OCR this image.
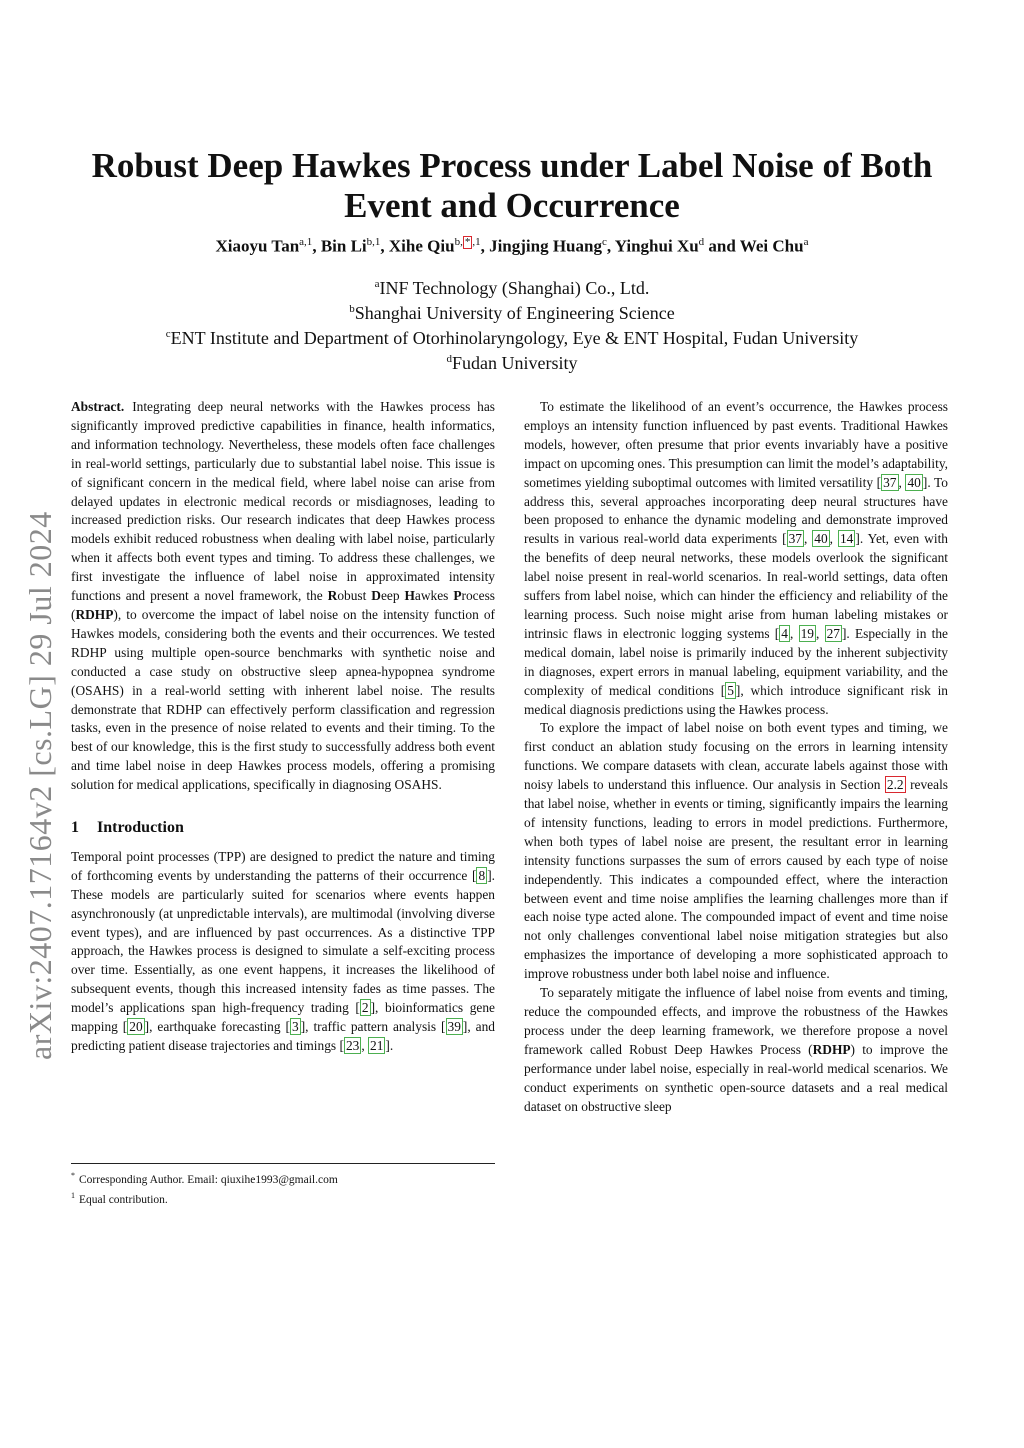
arXiv:2407.17164v2 [cs.LG] 29 Jul 2024
Robust Deep Hawkes Process under Label Noise of Both
Event and Occurrence
Xiaoyu Tan$^{a,1}$, Bin Li$^{b,1}$, Xihe Qiu$^{b, * ,1}$, Jingjing Huang$^c$, Yinghui Xu$^d$ and Wei Chu$^a$
$^a$INF Technology (Shanghai) Co., Ltd.
$^b$Shanghai University of Engineering Science
$^c$ENT Institute and Department of Otorhinolaryngology, Eye & ENT Hospital, Fudan University
$^d$Fudan University

Abstract. Integrating deep neural networks with the Hawkes process has significantly improved predictive capabilities in finance, health informatics, and information technology. Nevertheless, these models often face challenges in real-world settings, particularly due to substantial label noise. This issue is of significant concern in the medical field, where label noise can arise from delayed updates in electronic medical records or misdiagnoses, leading to increased prediction risks. Our research indicates that deep Hawkes process models exhibit reduced robustness when dealing with label noise, particularly when it affects both event types and timing. To address these challenges, we first investigate the influence of label noise in approximated intensity functions and present a novel framework, the Robust Deep Hawkes Process (RDHP), to overcome the impact of label noise on the intensity function of Hawkes models, considering both the events and their occurrences. We tested RDHP using multiple open-source benchmarks with synthetic noise and conducted a case study on obstructive sleep apnea-hypopnea syndrome (OSAHS) in a real-world setting with inherent label noise. The results demonstrate that RDHP can effectively perform classification and regression tasks, even in the presence of noise related to events and their timing. To the best of our knowledge, this is the first study to successfully address both event and time label noise in deep Hawkes process models, offering a promising solution for medical applications, specifically in diagnosing OSAHS.

1 Introduction

Temporal point processes (TPP) are designed to predict the nature and timing of forthcoming events by understanding the patterns of their occurrence [ 8 ]. These models are particularly suited for scenarios where events happen asynchronously (at unpredictable intervals), are multimodal (involving diverse event types), and are influenced by past occurrences. As a distinctive TPP approach, the Hawkes process is designed to simulate a self-exciting process over time. Essentially, as one event happens, it increases the likelihood of subsequent events, though this increased intensity fades as time passes. The model’s applications span high-frequency trading [ 2 ], bioinformatics gene mapping [ 20 ], earthquake forecasting [ 3 ], traffic pattern analysis [ 39 ], and predicting patient disease trajectories and timings [ 23 , 21 ].

* Corresponding Author. Email: qiuxihe1993@gmail.com
$^1$ Equal contribution.

To estimate the likelihood of an event’s occurrence, the Hawkes process employs an intensity function influenced by past events. Traditional Hawkes models, however, often presume that prior events invariably have a positive impact on upcoming ones. This presumption can limit the model’s adaptability, sometimes yielding suboptimal outcomes with limited versatility [ 37 , 40 ]. To address this, several approaches incorporating deep neural structures have been proposed to enhance the dynamic modeling and demonstrate improved results in various real-world data experiments [ 37 , 40 , 14 ]. Yet, even with the benefits of deep neural networks, these models overlook the significant label noise present in real-world scenarios. In real-world settings, data often suffers from label noise, which can hinder the efficiency and reliability of the learning process. Such noise might arise from human labeling mistakes or intrinsic flaws in electronic logging systems [ 4 , 19 , 27 ]. Especially in the medical domain, label noise is primarily induced by the inherent subjectivity in diagnoses, expert errors in manual labeling, equipment variability, and the complexity of medical conditions [ 5 ], which introduce significant risk in medical diagnosis predictions using the Hawkes process.

To explore the impact of label noise on both event types and timing, we first conduct an ablation study focusing on the errors in learning intensity functions. We compare datasets with clean, accurate labels against those with noisy labels to understand this influence. Our analysis in Section 2.2 reveals that label noise, whether in events or timing, significantly impairs the learning of intensity functions, leading to errors in model predictions. Furthermore, when both types of label noise are present, the resultant error in learning intensity functions surpasses the sum of errors caused by each type of noise independently. This indicates a compounded effect, where the interaction between event and time noise amplifies the learning challenges more than if each noise type acted alone. The compounded impact of event and time noise not only challenges conventional label noise mitigation strategies but also emphasizes the importance of developing a more sophisticated approach to improve robustness under both label noise and influence.

To separately mitigate the influence of label noise from events and timing, reduce the compounded effects, and improve the robustness of the Hawkes process under the deep learning framework, we therefore propose a novel framework called Robust Deep Hawkes Process (RDHP) to improve the performance under label noise, especially in real-world medical scenarios. We conduct experiments on synthetic open-source datasets and a real medical dataset on obstructive sleep
